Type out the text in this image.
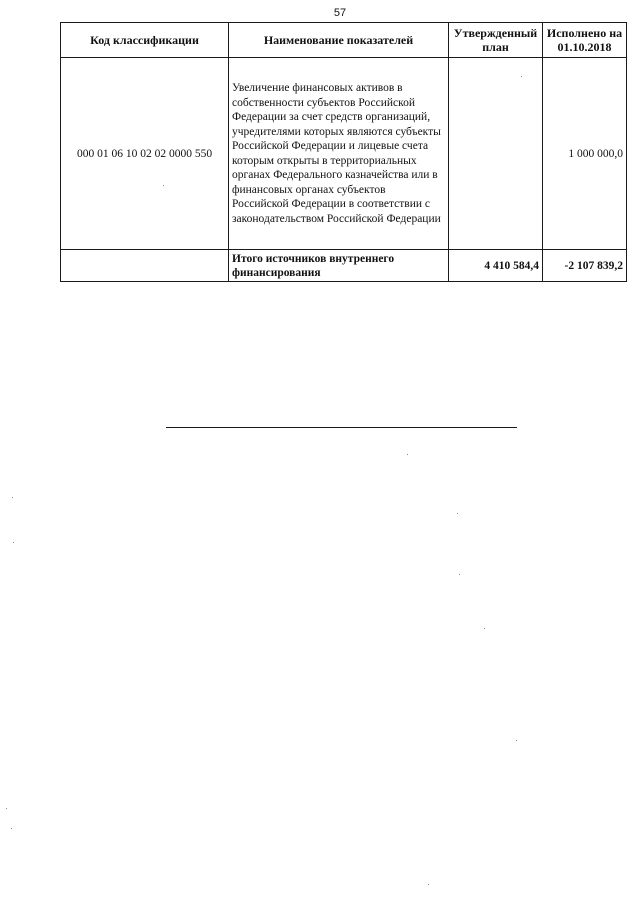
57
Код классификации	Наименование показателей	Утвержденный план	Исполнено на 01.10.2018
000 01 06 10 02 02 0000 550	Увеличение финансовых активов в собственности субъектов Российской Федерации за счет средств организаций, учредителями которых являются субъекты Российской Федерации и лицевые счета которым открыты в территориальных органах Федерального казначейства или в финансовых органах субъектов Российской Федерации в соответствии с законодательством Российской Федерации		1 000 000,0
	Итого источников внутреннего финансирования	4 410 584,4	-2 107 839,2
